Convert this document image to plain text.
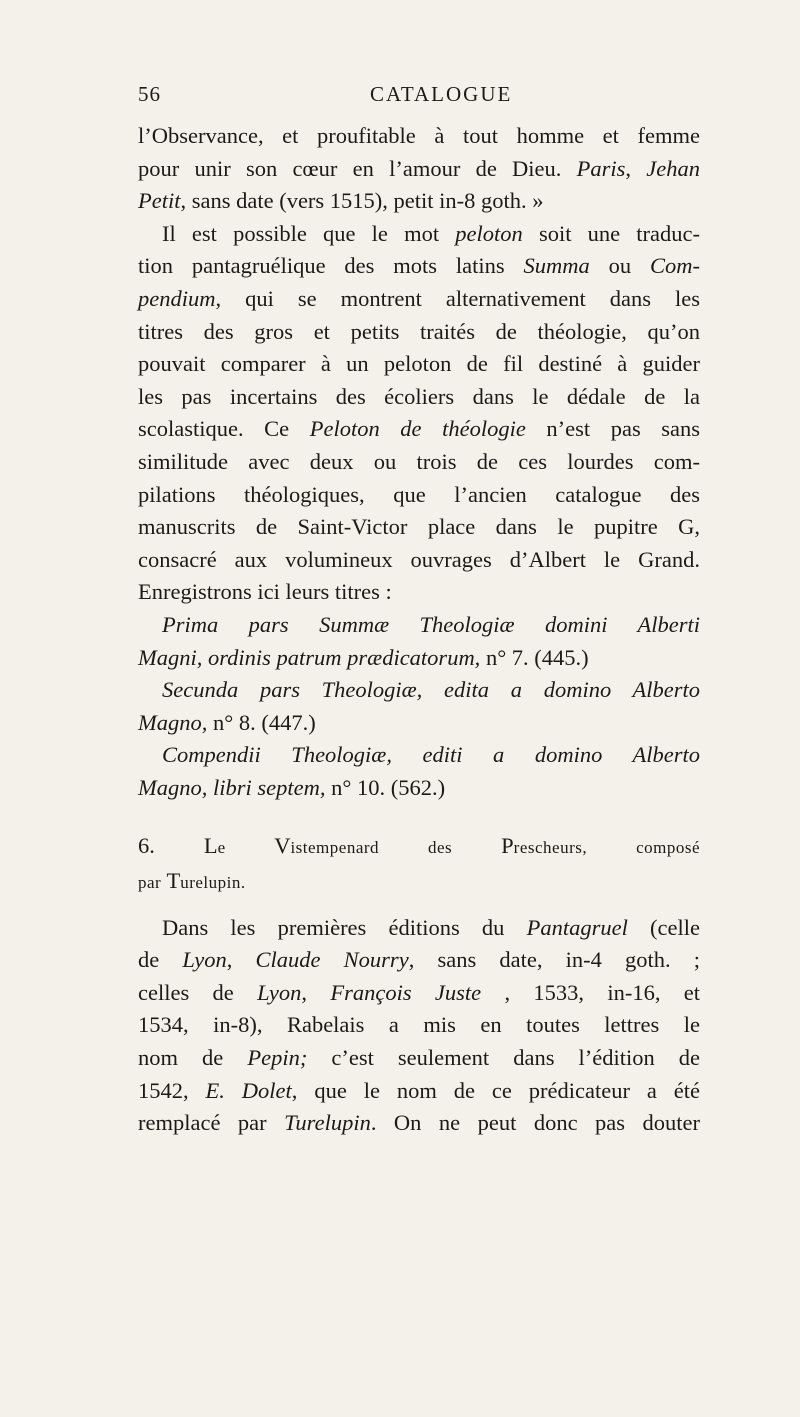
56	CATALOGUE
l’Observance, et proufitable à tout homme et femme
pour unir son cœur en l’amour de Dieu. Paris, Jehan
Petit, sans date (vers 1515), petit in-8 goth. »
Il est possible que le mot peloton soit une traduc-
tion pantagruélique des mots latins Summa ou Com-
pendium, qui se montrent alternativement dans les
titres des gros et petits traités de théologie, qu’on
pouvait comparer à un peloton de fil destiné à guider
les pas incertains des écoliers dans le dédale de la
scolastique. Ce Peloton de théologie n’est pas sans
similitude avec deux ou trois de ces lourdes com-
pilations théologiques, que l’ancien catalogue des
manuscrits de Saint-Victor place dans le pupitre G,
consacré aux volumineux ouvrages d’Albert le Grand.
Enregistrons ici leurs titres :
Prima pars Summæ Theologiæ domini Alberti
Magni, ordinis patrum prædicatorum, n° 7. (445.)
Secunda pars Theologiæ, edita a domino Alberto
Magno, n° 8. (447.)
Compendii Theologiæ, editi a domino Alberto
Magno, libri septem, n° 10. (562.)
6. Le Vistempenard	des Prescheurs,	composé
par Turelupin.
Dans les premières éditions du Pantagruel (celle
de Lyon, Claude Nourry, sans date, in-4 goth. ;
celles de Lyon, François Juste , 1533, in-16, et
1534, in-8), Rabelais a mis en toutes lettres le
nom de Pepin; c’est seulement dans l’édition de
1542, E. Dolet, que le nom de ce prédicateur a été
remplacé par Turelupin. On ne peut donc pas douter
